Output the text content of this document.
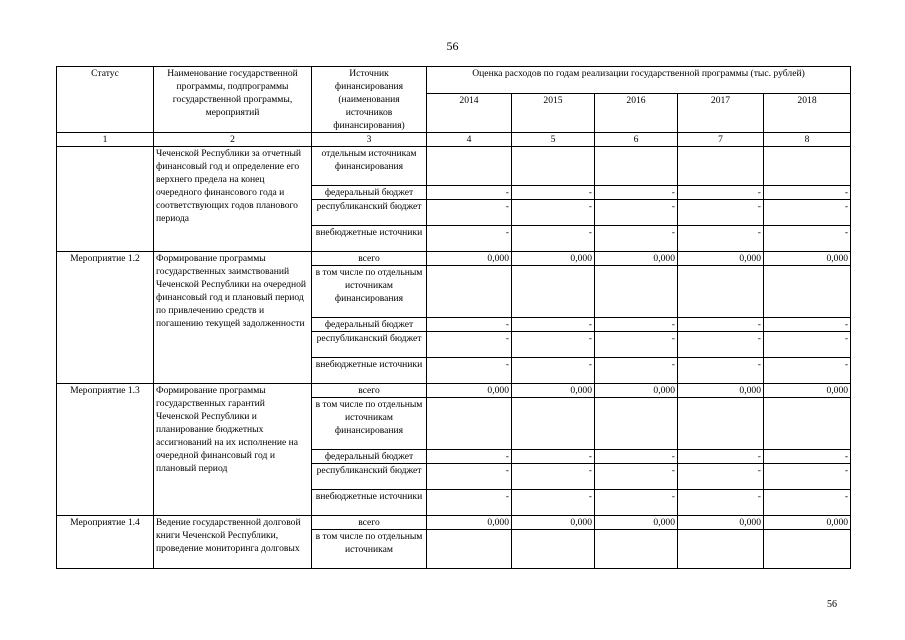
56
Статус	Наименование государственной программы, подпрограммы государственной программы, мероприятий	Источник финансирования (наименования источников финансирования)	Оценка расходов по годам реализации государственной программы (тыс. рублей)				
			2014	2015	2016	2017	2018
1	2	3	4	5	6	7	8
	Чеченской Республики за отчетный финансовый год и определение его верхнего предела на конец очередного финансового года и соответствующих годов планового периода	отдельным источникам финансирования					
		федеральный бюджет	-	-	-	-	-
		республиканский бюджет	-	-	-	-	-
		внебюджетные источники	-	-	-	-	-
Мероприятие 1.2	Формирование программы государственных заимствований Чеченской Республики на очередной финансовый год и плановый период по привлечению средств и погашению текущей задолженности	всего	0,000	0,000	0,000	0,000	0,000
		в том числе по отдельным источникам финансирования					
		федеральный бюджет	-	-	-	-	-
		республиканский бюджет	-	-	-	-	-
		внебюджетные источники	-	-	-	-	-
Мероприятие 1.3	Формирование программы государственных гарантий Чеченской Республики и планирование бюджетных ассигнований на их исполнение на очередной финансовый год и плановый период	всего	0,000	0,000	0,000	0,000	0,000
		в том числе по отдельным источникам финансирования					
		федеральный бюджет	-	-	-	-	-
		республиканский бюджет	-	-	-	-	-
		внебюджетные источники	-	-	-	-	-
Мероприятие 1.4	Ведение государственной долговой книги Чеченской Республики, проведение мониторинга долговых	всего	0,000	0,000	0,000	0,000	0,000
		в том числе по отдельным источникам					
56
